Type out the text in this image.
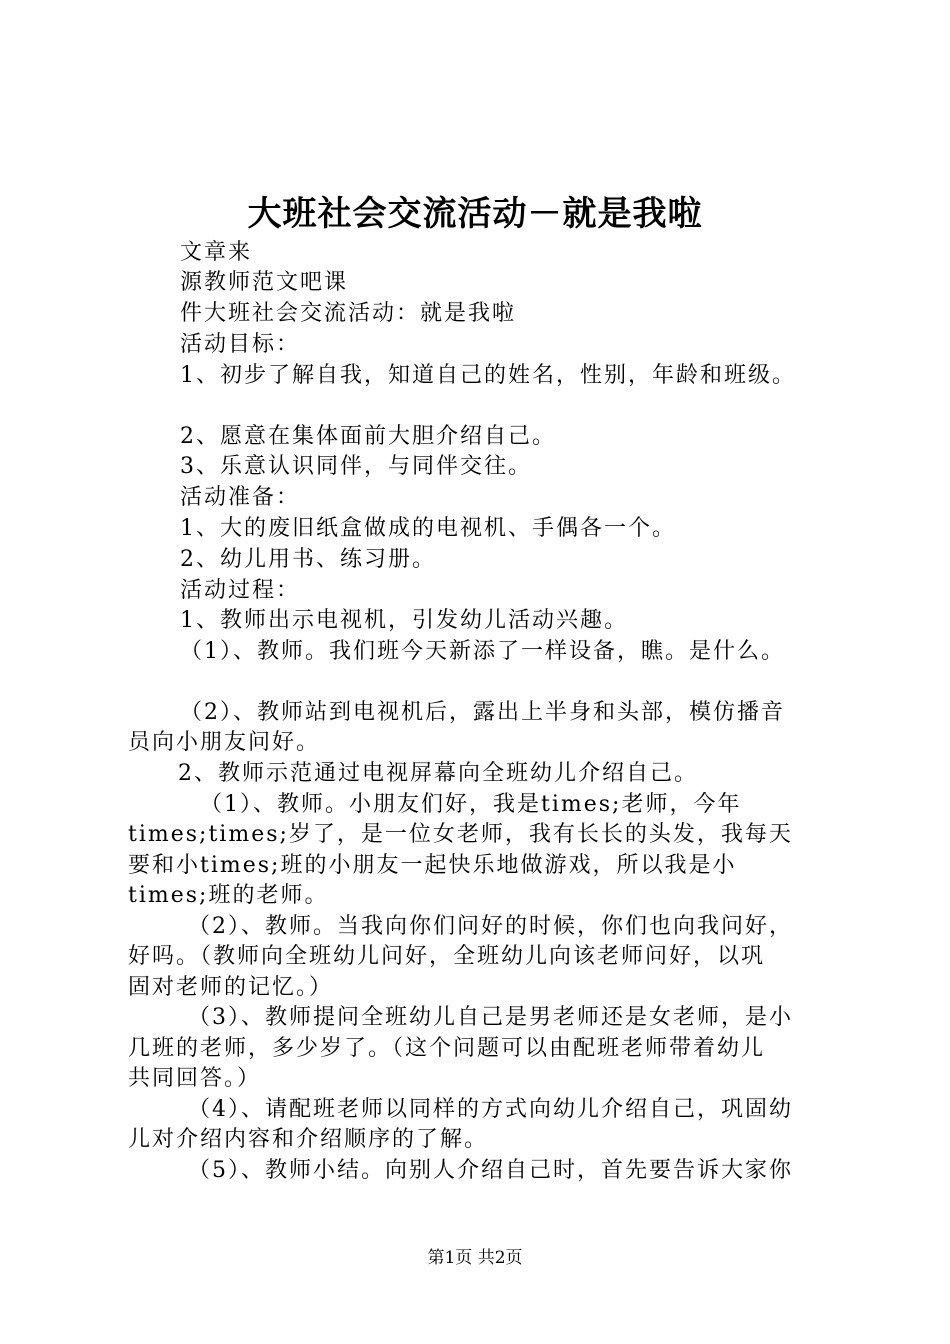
大班社会交流活动－就是我啦
文章来
源教师范文吧课
件大班社会交流活动：就是我啦
活动目标：
1、初步了解自我，知道自己的姓名，性别，年龄和班级。
2、愿意在集体面前大胆介绍自己。
3、乐意认识同伴，与同伴交往。
活动准备：
1、大的废旧纸盒做成的电视机、手偶各一个。
2、幼儿用书、练习册。
活动过程：
1、教师出示电视机，引发幼儿活动兴趣。
（1）、教师。我们班今天新添了一样设备，瞧。是什么。
（2）、教师站到电视机后，露出上半身和头部，模仿播音
员向小朋友问好。
2、教师示范通过电视屏幕向全班幼儿介绍自己。
（1）、教师。小朋友们好，我是times;老师，今年
times;times;岁了，是一位女老师，我有长长的头发，我每天
要和小times;班的小朋友一起快乐地做游戏，所以我是小
times;班的老师。
（2）、教师。当我向你们问好的时候，你们也向我问好，
好吗。（教师向全班幼儿问好，全班幼儿向该老师问好，以巩
固对老师的记忆。）
（3）、教师提问全班幼儿自己是男老师还是女老师，是小
几班的老师，多少岁了。（这个问题可以由配班老师带着幼儿
共同回答。）
（4）、请配班老师以同样的方式向幼儿介绍自己，巩固幼
儿对介绍内容和介绍顺序的了解。
（5）、教师小结。向别人介绍自己时，首先要告诉大家你
第1页 共2页
